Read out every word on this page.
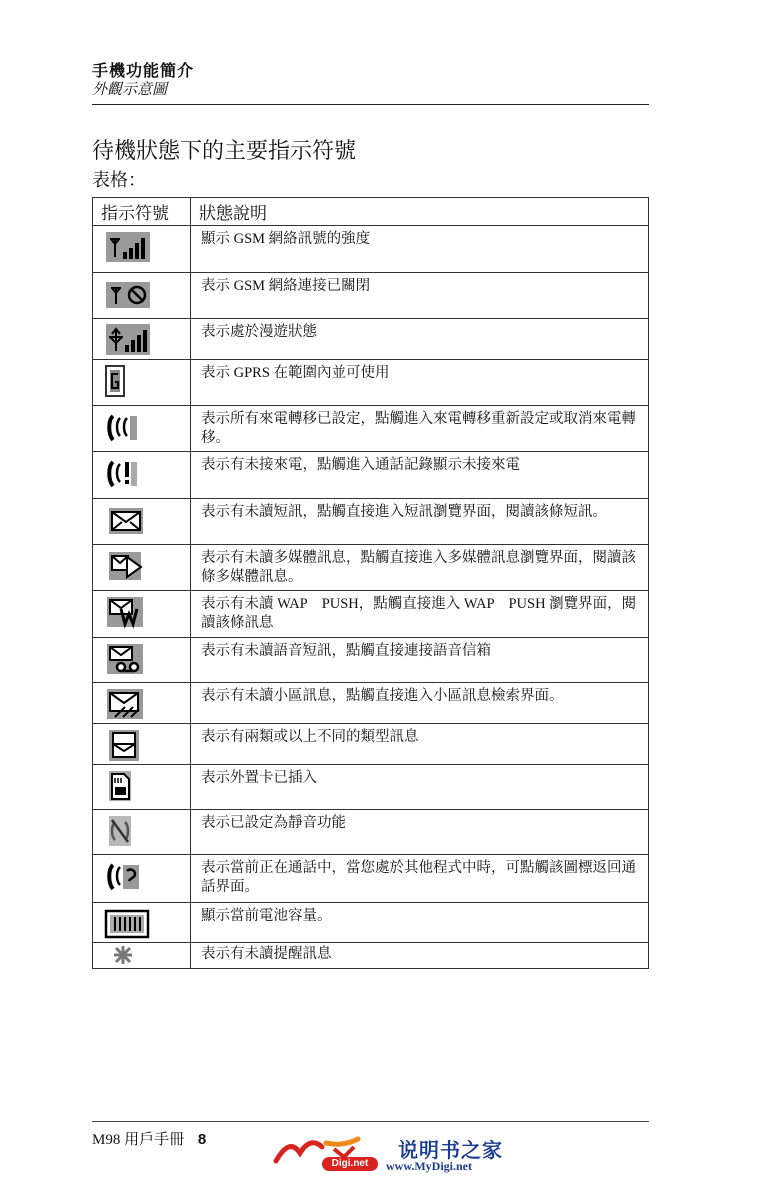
手機功能簡介
外觀示意圖
待機狀態下的主要指示符號
表格：
指示符號	狀態說明

	顯示 GSM 網絡訊號的強度

	表示 GSM 網絡連接已關閉

	表示處於漫遊狀態

	表示 GPRS 在範圍內並可使用

	表示所有來電轉移已設定，點觸進入來電轉移重新設定或取消來電轉移。

	表示有未接來電，點觸進入通話記錄顯示未接來電

	表示有未讀短訊，點觸直接進入短訊瀏覽界面，閱讀該條短訊。

	表示有未讀多媒體訊息，點觸直接進入多媒體訊息瀏覽界面，閱讀該條多媒體訊息。

	表示有未讀 WAP　PUSH，點觸直接進入 WAP　PUSH 瀏覽界面，閱讀該條訊息

	表示有未讀語音短訊，點觸直接連接語音信箱

	表示有未讀小區訊息，點觸直接進入小區訊息檢索界面。

	表示有兩類或以上不同的類型訊息

	表示外置卡已插入

	表示已設定為靜音功能

	表示當前正在通話中，當您處於其他程式中時，可點觸該圖標返回通話界面。

	顯示當前電池容量。

	表示有未讀提醒訊息
M98 用戶手冊 8
Digi.net
说明书之家
www.MyDigi.net
